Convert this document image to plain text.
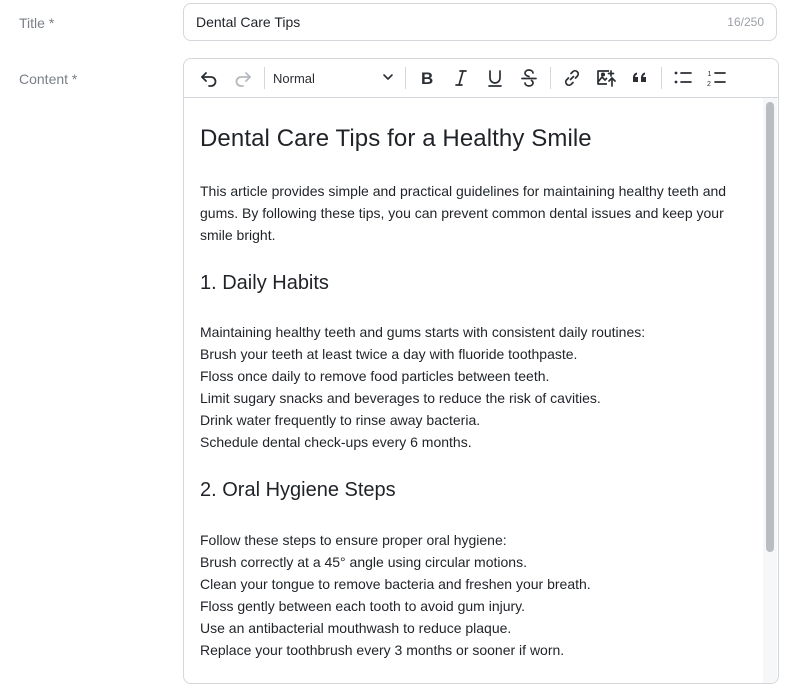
Title *	Dental Care Tips	16/250
Content *	Normal	B	1
2
Dental Care Tips for a Healthy Smile

This article provides simple and practical guidelines for maintaining healthy teeth and gums. By following these tips, you can prevent common dental issues and keep your smile bright.

1. Daily Habits
Maintaining healthy teeth and gums starts with consistent daily routines:
Brush your teeth at least twice a day with fluoride toothpaste.
Floss once daily to remove food particles between teeth.
Limit sugary snacks and beverages to reduce the risk of cavities.
Drink water frequently to rinse away bacteria.
Schedule dental check-ups every 6 months.
2. Oral Hygiene Steps
Follow these steps to ensure proper oral hygiene:
Brush correctly at a 45° angle using circular motions.
Clean your tongue to remove bacteria and freshen your breath.
Floss gently between each tooth to avoid gum injury.
Use an antibacterial mouthwash to reduce plaque.
Replace your toothbrush every 3 months or sooner if worn.
